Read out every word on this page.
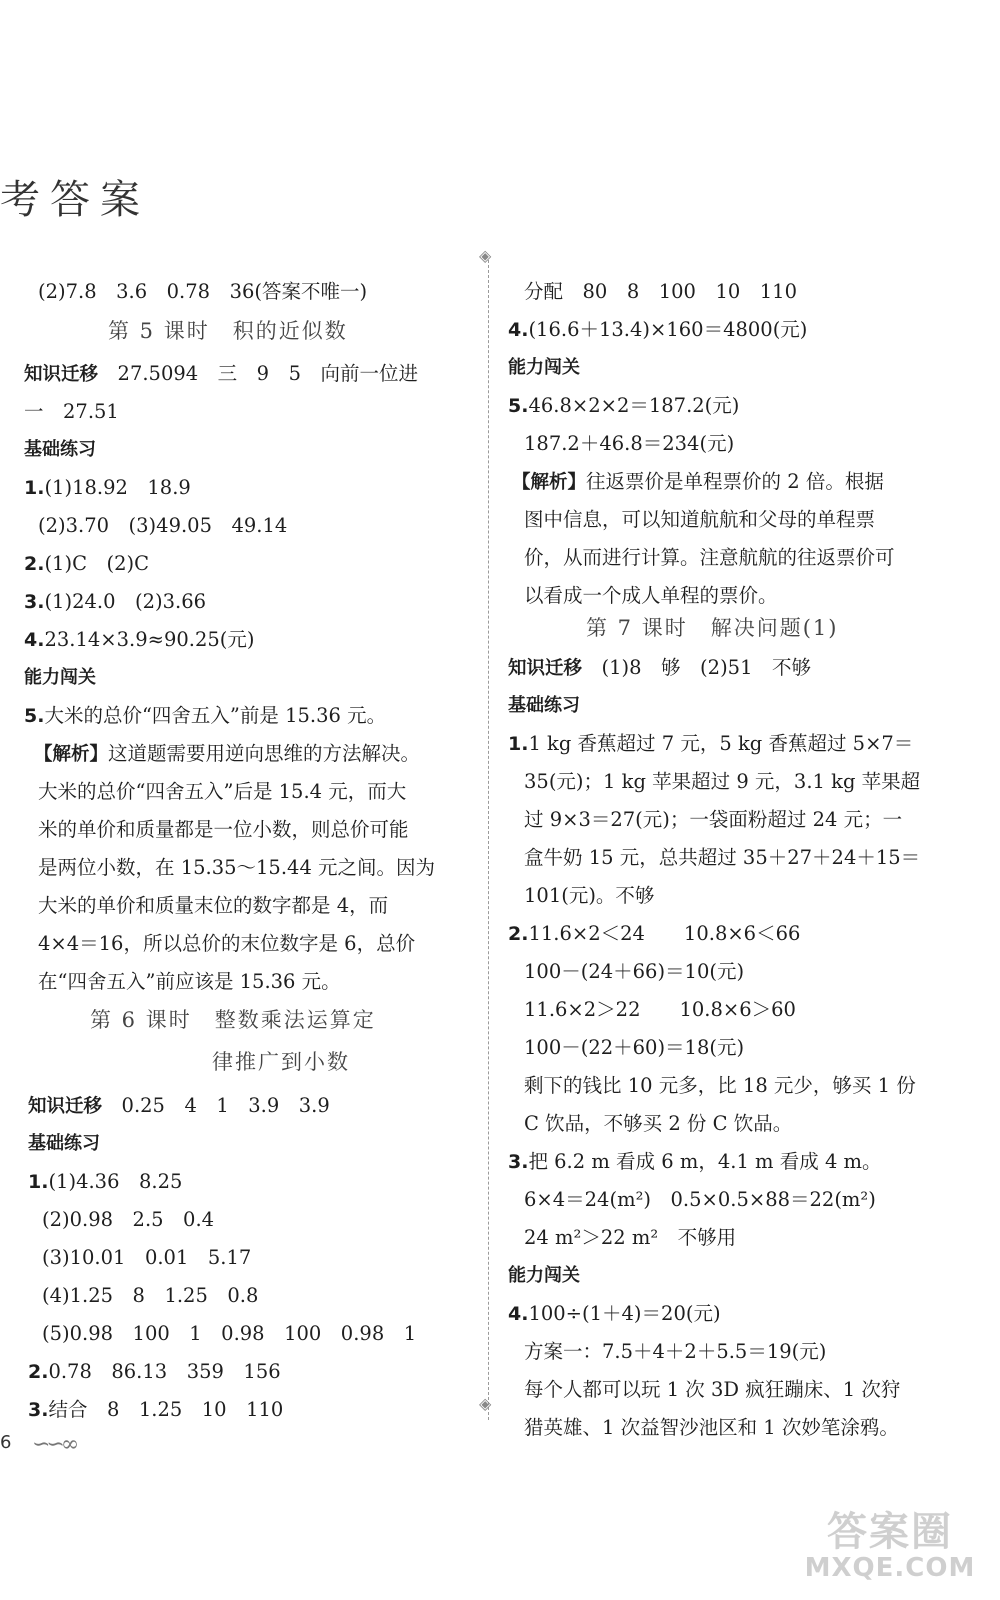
考答案
◈
◈
(2)7.8　3.6　0.78　36(答案不唯一)
第 5 课时　积的近似数
知识迁移　 27.5094　三　9　5　向前一位进
一　27.51
基础练习
1.(1)18.92　18.9
(2)3.70　(3)49.05　49.14
2.(1)C　(2)C
3.(1)24.0　(2)3.66
4.23.14×3.9≈90.25(元)
能力闯关
5.大米的总价“四舍五入”前是 15.36 元。
【解析】这道题需要用逆向思维的方法解决。
大米的总价“四舍五入”后是 15.4 元，而大
米的单价和质量都是一位小数，则总价可能
是两位小数，在 15.35～15.44 元之间。因为
大米的单价和质量末位的数字都是 4，而
4×4＝16，所以总价的末位数字是 6，总价
在“四舍五入”前应该是 15.36 元。
第 6 课时　整数乘法运算定
律推广到小数
知识迁移　 0.25　4　1　3.9　3.9
基础练习
1.(1)4.36　8.25
(2)0.98　2.5　0.4
(3)10.01　0.01　5.17
(4)1.25　8　1.25　0.8
(5)0.98　100　1　0.98　100　0.98　1
2.0.78　86.13　359　156
3.结合　8　1.25　10　110
分配　80　8　100　10　110
4.(16.6＋13.4)×160＝4800(元)
能力闯关
5.46.8×2×2＝187.2(元)
187.2＋46.8＝234(元)
【解析】往返票价是单程票价的 2 倍。根据
图中信息，可以知道航航和父母的单程票
价，从而进行计算。注意航航的往返票价可
以看成一个成人单程的票价。
第 7 课时　解决问题(1)
知识迁移　 (1)8　够　(2)51　不够
基础练习
1.1 kg 香蕉超过 7 元，5 kg 香蕉超过 5×7＝
35(元)；1 kg 苹果超过 9 元，3.1 kg 苹果超
过 9×3＝27(元)；一袋面粉超过 24 元；一
盒牛奶 15 元，总共超过 35＋27＋24＋15＝
101(元)。不够
2.11.6×2＜24　　10.8×6＜66
100－(24＋66)＝10(元)
11.6×2＞22　　10.8×6＞60
100－(22＋60)＝18(元)
剩下的钱比 10 元多，比 18 元少，够买 1 份
C 饮品，不够买 2 份 C 饮品。
3.把 6.2 m 看成 6 m，4.1 m 看成 4 m。
6×4＝24(m²)　0.5×0.5×88＝22(m²)
24 m²＞22 m²　不够用
能力闯关
4.100÷(1＋4)＝20(元)
方案一：7.5＋4＋2＋5.5＝19(元)
每个人都可以玩 1 次 3D 疯狂蹦床、1 次狩
猎英雄、1 次益智沙池区和 1 次妙笔涂鸦。
6 ∽∽∞
答案圈
MXQE.COM
